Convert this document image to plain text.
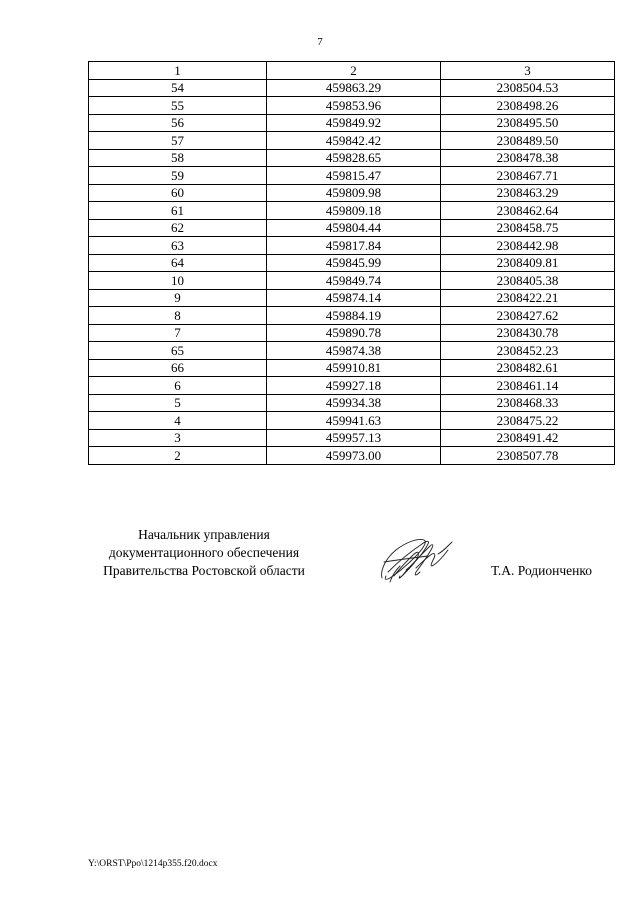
7
1	2	3
54	459863.29	2308504.53
55	459853.96	2308498.26
56	459849.92	2308495.50
57	459842.42	2308489.50
58	459828.65	2308478.38
59	459815.47	2308467.71
60	459809.98	2308463.29
61	459809.18	2308462.64
62	459804.44	2308458.75
63	459817.84	2308442.98
64	459845.99	2308409.81
10	459849.74	2308405.38
9	459874.14	2308422.21
8	459884.19	2308427.62
7	459890.78	2308430.78
65	459874.38	2308452.23
66	459910.81	2308482.61
6	459927.18	2308461.14
5	459934.38	2308468.33
4	459941.63	2308475.22
3	459957.13	2308491.42
2	459973.00	2308507.78
Начальник управления
документационного обеспечения
Правительства Ростовской области	Т.А. Родионченко
Y:\ORST\Ppo\1214p355.f20.docx
